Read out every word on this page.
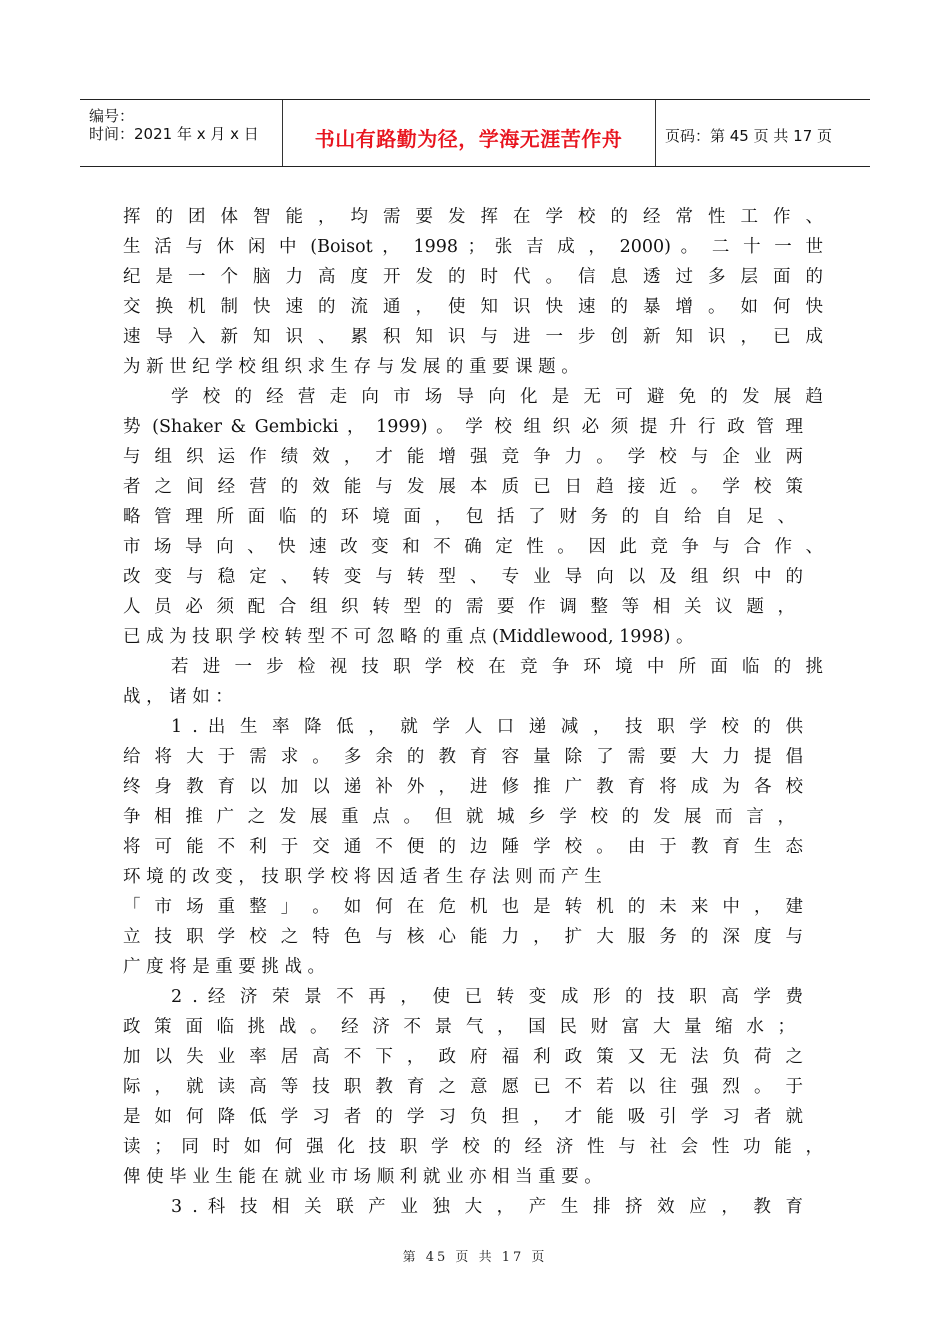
编号：
时间：2021 年 x 月 x 日	书山有路勤为径，学海无涯苦作舟	页码：第 45 页 共 17 页
挥 的 团 体 智 能 ， 均 需 要 发 挥 在 学 校 的 经 常 性 工 作 、
生 活 与 休 闲 中 (Boisot ， 1998 ； 张 吉 成 ， 2000) 。 二 十 一 世
纪 是 一 个 脑 力 高 度 开 发 的 时 代 。 信 息 透 过 多 层 面 的
交 换 机 制 快 速 的 流 通 ， 使 知 识 快 速 的 暴 增 。 如 何 快
速 导 入 新 知 识 、 累 积 知 识 与 进 一 步 创 新 知 识 ， 已 成
为 新 世 纪 学 校 组 织 求 生 存 与 发 展 的 重 要 课 题 。
学 校 的 经 营 走 向 市 场 导 向 化 是 无 可 避 免 的 发 展 趋
势 (Shaker & Gembicki ， 1999) 。 学 校 组 织 必 须 提 升 行 政 管 理
与 组 织 运 作 绩 效 ， 才 能 增 强 竞 争 力 。 学 校 与 企 业 两
者 之 间 经 营 的 效 能 与 发 展 本 质 已 日 趋 接 近 。 学 校 策
略 管 理 所 面 临 的 环 境 面 ， 包 括 了 财 务 的 自 给 自 足 、
市 场 导 向 、 快 速 改 变 和 不 确 定 性 。 因 此 竞 争 与 合 作 、
改 变 与 稳 定 、 转 变 与 转 型 、 专 业 导 向 以 及 组 织 中 的
人 员 必 须 配 合 组 织 转 型 的 需 要 作 调 整 等 相 关 议 题 ，
已 成 为 技 职 学 校 转 型 不 可 忽 略 的 重 点 (Middlewood, 1998) 。
若 进 一 步 检 视 技 职 学 校 在 竞 争 环 境 中 所 面 临 的 挑
战 ， 诸 如 ：
1 . 出 生 率 降 低 ， 就 学 人 口 递 减 ， 技 职 学 校 的 供
给 将 大 于 需 求 。 多 余 的 教 育 容 量 除 了 需 要 大 力 提 倡
终 身 教 育 以 加 以 递 补 外 ， 进 修 推 广 教 育 将 成 为 各 校
争 相 推 广 之 发 展 重 点 。 但 就 城 乡 学 校 的 发 展 而 言 ，
将 可 能 不 利 于 交 通 不 便 的 边 陲 学 校 。 由 于 教 育 生 态
环 境 的 改 变 ， 技 职 学 校 将 因 适 者 生 存 法 则 而 产 生
「 市 场 重 整 」 。 如 何 在 危 机 也 是 转 机 的 未 来 中 ， 建
立 技 职 学 校 之 特 色 与 核 心 能 力 ， 扩 大 服 务 的 深 度 与
广 度 将 是 重 要 挑 战 。
2 . 经 济 荣 景 不 再 ， 使 已 转 变 成 形 的 技 职 高 学 费
政 策 面 临 挑 战 。 经 济 不 景 气 ， 国 民 财 富 大 量 缩 水 ；
加 以 失 业 率 居 高 不 下 ， 政 府 福 利 政 策 又 无 法 负 荷 之
际 ， 就 读 高 等 技 职 教 育 之 意 愿 已 不 若 以 往 强 烈 。 于
是 如 何 降 低 学 习 者 的 学 习 负 担 ， 才 能 吸 引 学 习 者 就
读 ； 同 时 如 何 强 化 技 职 学 校 的 经 济 性 与 社 会 性 功 能 ，
俾 使 毕 业 生 能 在 就 业 市 场 顺 利 就 业 亦 相 当 重 要 。
3 . 科 技 相 关 联 产 业 独 大 ， 产 生 排 挤 效 应 ， 教 育
第 45 页 共 17 页
